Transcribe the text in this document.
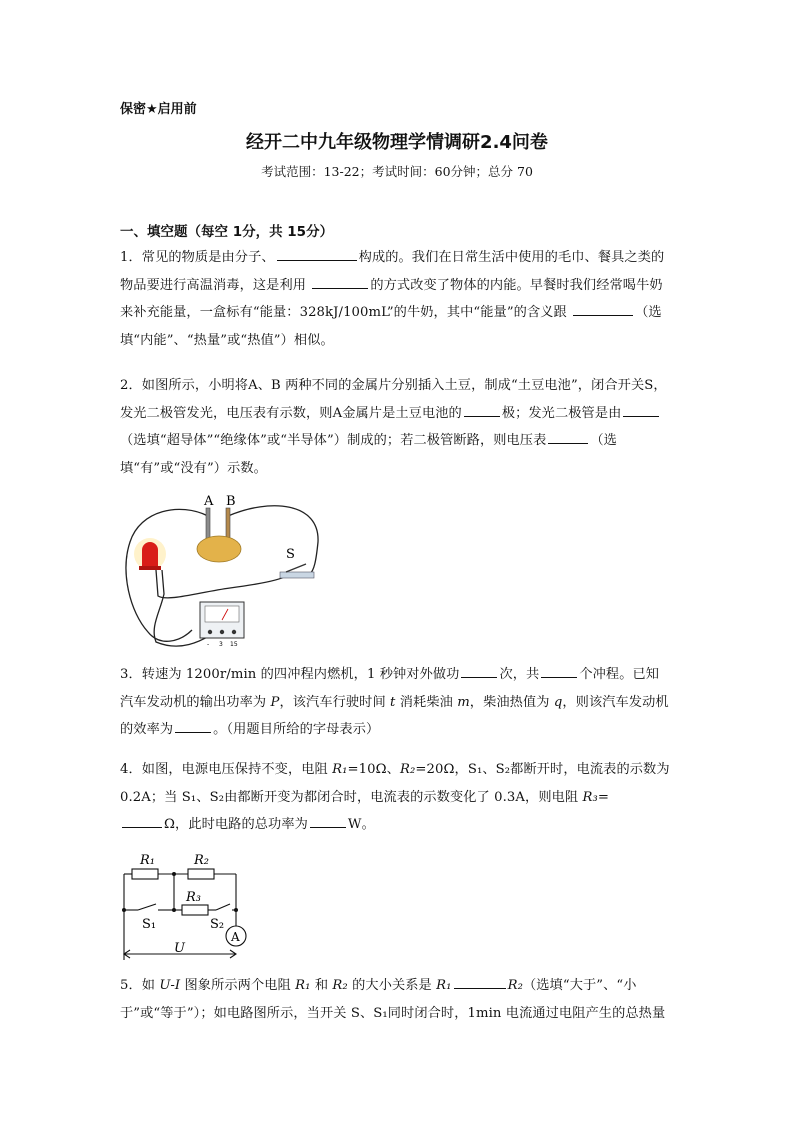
保密★启用前
经开二中九年级物理学情调研2.4问卷
考试范围：13-22；考试时间：60分钟；总分 70
一、填空题（每空 1分，共 15分）
1．常见的物质是由分子、	构成的。我们在日常生活中使用的毛巾、餐具之类的物品要进行高温消毒，这是利用	的方式改变了物体的内能。早餐时我们经常喝牛奶来补充能量，一盒标有“能量：328kJ/100mL”的牛奶，其中“能量”的含义跟	（选填“内能”、“热量”或“热值”）相似。
2．如图所示，小明将A、B 两种不同的金属片分别插入土豆，制成“土豆电池”，闭合开关S，发光二极管发光，电压表有示数，则A金属片是土豆电池的	极；发光二极管是由（选填“超导体”“绝缘体”或“半导体”）制成的；若二极管断路，则电压表	（选填“有”或“没有”）示数。
A B
S
- 3 15
3．转速为 1200r/min 的四冲程内燃机，1 秒钟对外做功	次，共	个冲程。已知汽车发动机的输出功率为 P，该汽车行驶时间 t 消耗柴油 m，柴油热值为 q，则该汽车发动机的效率为	。（用题目所给的字母表示）
4．如图，电源电压保持不变，电阻 R₁=10Ω、R₂=20Ω，S₁、S₂都断开时，电流表的示数为 0.2A；当 S₁、S₂由都断开变为都闭合时，电流表的示数变化了 0.3A，则电阻 R₃=
Ω，此时电路的总功率为	W。
R₁	R₂
R₃
S₁	S₂
A
U
5．如 U-I 图象所示两个电阻 R₁ 和 R₂ 的大小关系是 R₁	R₂（选填“大于”、“小于”或“等于”）；如电路图所示，当开关 S、S₁同时闭合时，1min 电流通过电阻产生的总热量
